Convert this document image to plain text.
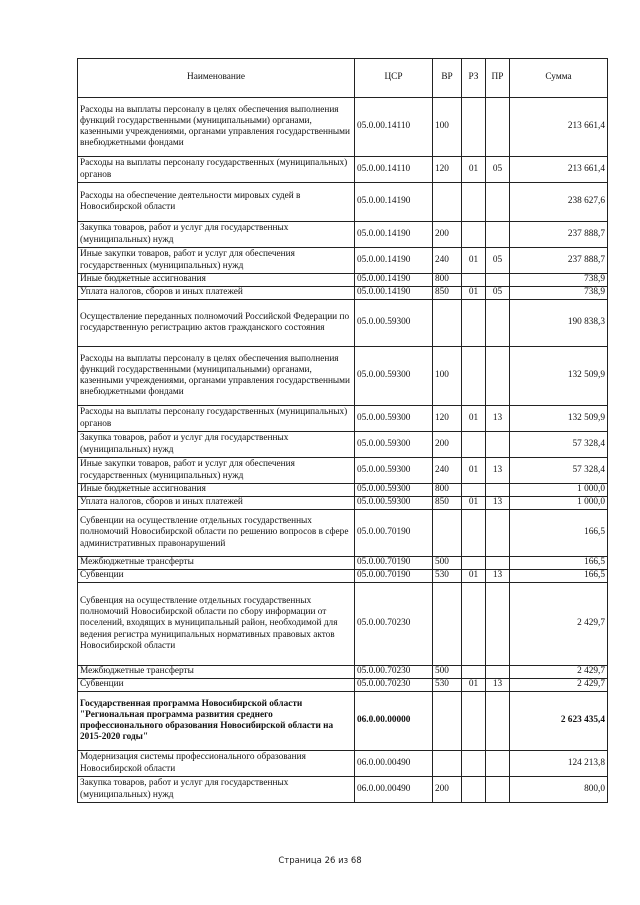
Наименование	ЦСР	ВР	РЗ	ПР	Сумма
Расходы на выплаты персоналу в целях обеспечения выполнения функций государственными (муниципальными) органами, казенными учреждениями, органами управления государственными внебюджетными фондами	05.0.00.14110	100			213 661,4
Расходы на выплаты персоналу государственных (муниципальных) органов	05.0.00.14110	120	01	05	213 661,4
Расходы на обеспечение деятельности мировых судей в Новосибирской области	05.0.00.14190				238 627,6
Закупка товаров, работ и услуг для государственных (муниципальных) нужд	05.0.00.14190	200			237 888,7
Иные закупки товаров, работ и услуг для обеспечения государственных (муниципальных) нужд	05.0.00.14190	240	01	05	237 888,7
Иные бюджетные ассигнования	05.0.00.14190	800			738,9
Уплата налогов, сборов и иных платежей	05.0.00.14190	850	01	05	738,9
Осуществление переданных полномочий Российской Федерации по государственную регистрацию актов гражданского состояния	05.0.00.59300				190 838,3
Расходы на выплаты персоналу в целях обеспечения выполнения функций государственными (муниципальными) органами, казенными учреждениями, органами управления государственными внебюджетными фондами	05.0.00.59300	100			132 509,9
Расходы на выплаты персоналу государственных (муниципальных) органов	05.0.00.59300	120	01	13	132 509,9
Закупка товаров, работ и услуг для государственных (муниципальных) нужд	05.0.00.59300	200			57 328,4
Иные закупки товаров, работ и услуг для обеспечения государственных (муниципальных) нужд	05.0.00.59300	240	01	13	57 328,4
Иные бюджетные ассигнования	05.0.00.59300	800			1 000,0
Уплата налогов, сборов и иных платежей	05.0.00.59300	850	01	13	1 000,0
Субвенции на осуществление отдельных государственных полномочий Новосибирской области по решению вопросов в сфере административных правонарушений	05.0.00.70190				166,5
Межбюджетные трансферты	05.0.00.70190	500			166,5
Субвенции	05.0.00.70190	530	01	13	166,5
Субвенция на осуществление отдельных государственных полномочий Новосибирской области по сбору информации от поселений, входящих в муниципальный район, необходимой для ведения регистра муниципальных нормативных правовых актов Новосибирской области	05.0.00.70230				2 429,7
Межбюджетные трансферты	05.0.00.70230	500			2 429,7
Субвенции	05.0.00.70230	530	01	13	2 429,7
Государственная программа Новосибирской области "Региональная программа развития среднего профессионального образования Новосибирской области на 2015-2020 годы"	06.0.00.00000				2 623 435,4
Модернизация системы профессионального образования Новосибирской области	06.0.00.00490				124 213,8
Закупка товаров, работ и услуг для государственных (муниципальных) нужд	06.0.00.00490	200			800,0
Страница 26 из 68
